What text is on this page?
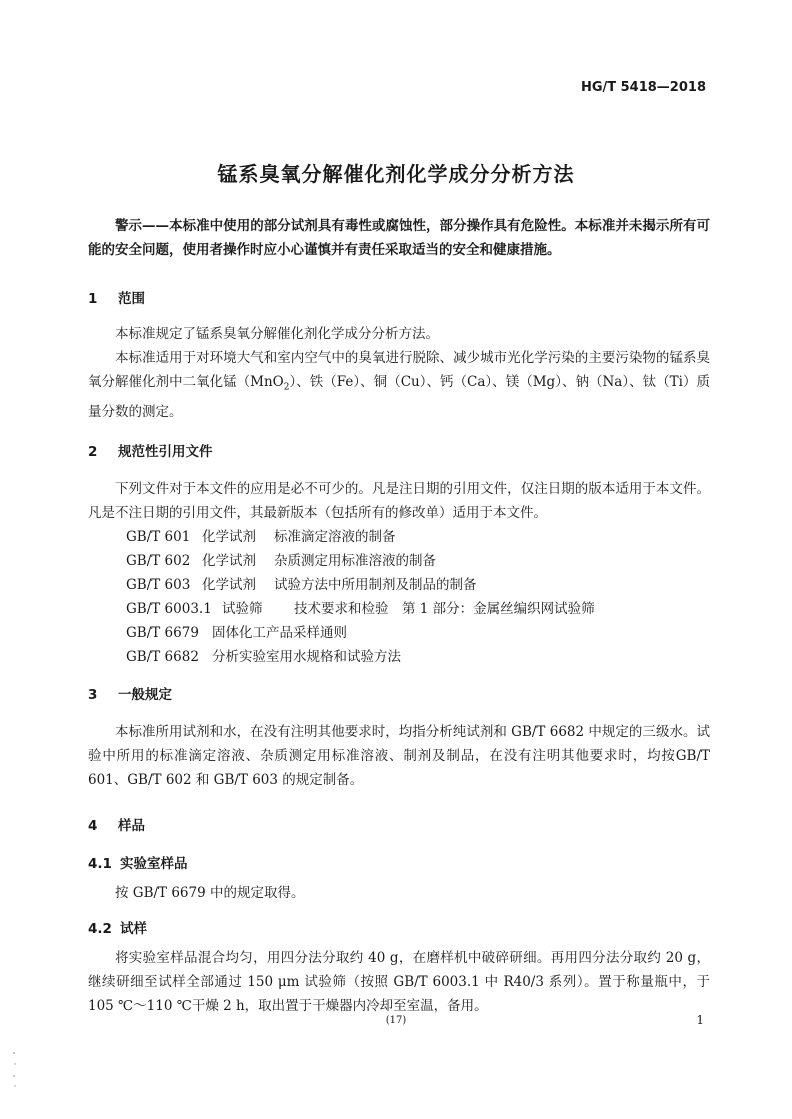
HG/T 5418—2018
锰系臭氧分解催化剂化学成分分析方法
警示——本标准中使用的部分试剂具有毒性或腐蚀性，部分操作具有危险性。本标准并未揭示所有可能的安全问题，使用者操作时应小心谨慎并有责任采取适当的安全和健康措施。
1 范围
本标准规定了锰系臭氧分解催化剂化学成分分析方法。
本标准适用于对环境大气和室内空气中的臭氧进行脱除、减少城市光化学污染的主要污染物的锰系臭氧分解催化剂中二氧化锰（MnO$_2$）、铁（Fe）、铜（Cu）、钙（Ca）、镁（Mg）、钠（Na）、钛（Ti）质量分数的测定。
2 规范性引用文件
下列文件对于本文件的应用是必不可少的。凡是注日期的引用文件，仅注日期的版本适用于本文件。凡是不注日期的引用文件，其最新版本（包括所有的修改单）适用于本文件。
GB/T 601 化学试剂 标准滴定溶液的制备
GB/T 602 化学试剂 杂质测定用标准溶液的制备
GB/T 603 化学试剂 试验方法中所用制剂及制品的制备
GB/T 6003.1 试验筛 技术要求和检验　第 1 部分：金属丝编织网试验筛
GB/T 6679 固体化工产品采样通则
GB/T 6682 分析实验室用水规格和试验方法
3 一般规定
本标准所用试剂和水，在没有注明其他要求时，均指分析纯试剂和 GB/T 6682 中规定的三级水。试验中所用的标准滴定溶液、杂质测定用标准溶液、制剂及制品，在没有注明其他要求时，均按GB/T 601、GB/T 602 和 GB/T 603 的规定制备。
4 样品
4.1 实验室样品
按 GB/T 6679 中的规定取得。
4.2 试样
将实验室样品混合均匀，用四分法分取约 40 g，在磨样机中破碎研细。再用四分法分取约 20 g，继续研细至试样全部通过 150 μm 试验筛（按照 GB/T 6003.1 中 R40/3 系列）。置于称量瓶中，于105 ℃～110 ℃干燥 2 h，取出置于干燥器内冷却至室温，备用。
(17)	1
